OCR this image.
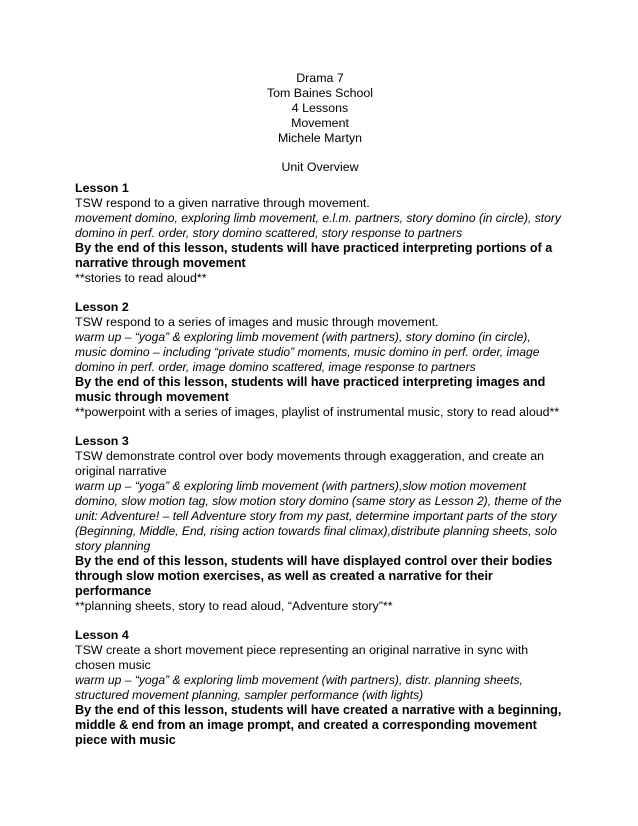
Drama 7
Tom Baines School
4 Lessons
Movement
Michele Martyn
Unit Overview
Lesson 1
TSW respond to a given narrative through movement.
movement domino, exploring limb movement, e.l.m. partners, story domino (in circle), story domino in perf. order, story domino scattered, story response to partners
By the end of this lesson, students will have practiced interpreting portions of a narrative through movement
**stories to read aloud**
Lesson 2
TSW respond to a series of images and music through movement.
warm up – “yoga” & exploring limb movement (with partners), story domino (in circle), music domino – including “private studio” moments, music domino in perf. order, image domino in perf. order, image domino scattered, image response to partners
By the end of this lesson, students will have practiced interpreting images and music through movement
**powerpoint with a series of images, playlist of instrumental music, story to read aloud**
Lesson 3
TSW demonstrate control over body movements through exaggeration, and create an original narrative
warm up – “yoga” & exploring limb movement (with partners),slow motion movement domino, slow motion tag, slow motion story domino (same story as Lesson 2), theme of the unit: Adventure! – tell Adventure story from my past, determine important parts of the story (Beginning, Middle, End, rising action towards final climax),distribute planning sheets, solo story planning
By the end of this lesson, students will have displayed control over their bodies through slow motion exercises, as well as created a narrative for their performance
**planning sheets, story to read aloud, “Adventure story”**
Lesson 4
TSW create a short movement piece representing an original narrative in sync with chosen music
warm up – “yoga” & exploring limb movement (with partners), distr. planning sheets, structured movement planning, sampler performance (with lights)
By the end of this lesson, students will have created a narrative with a beginning, middle & end from an image prompt, and created a corresponding movement piece with music
